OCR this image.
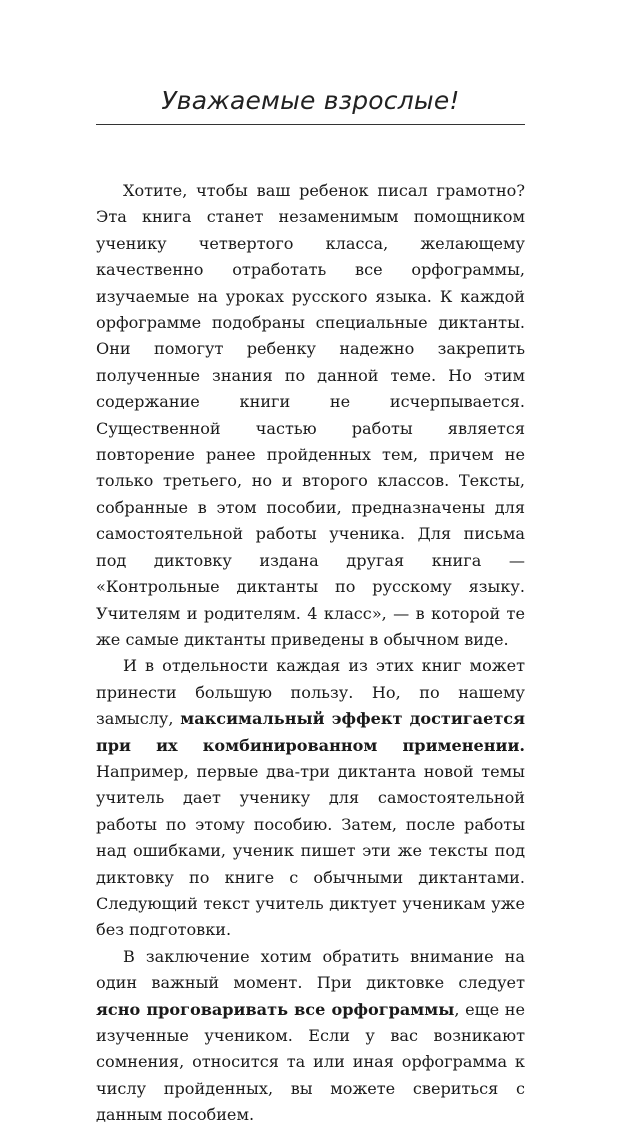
Уважаемые взрослые!

Хотите, чтобы ваш ребенок писал грамотно? Эта книга станет незаменимым помощником ученику четвертого класса, желающему качественно отработать все орфограммы, изучаемые на уроках русского языка. К каждой орфограмме подобраны специальные диктанты. Они помогут ребенку надежно закрепить полученные знания по данной теме. Но этим содержание книги не исчерпывается. Существенной частью работы является повторение ранее пройденных тем, причем не только третьего, но и второго классов. Тексты, собранные в этом пособии, предназначены для самостоятельной работы ученика. Для письма под диктовку издана другая книга — «Контрольные диктанты по русскому языку. Учителям и родителям. 4 класс», — в которой те же самые диктанты приведены в обычном виде.

И в отдельности каждая из этих книг может принести большую пользу. Но, по нашему замыслу, максимальный эффект достигается при их комбинированном применении. Например, первые два-три диктанта новой темы учитель дает ученику для самостоятельной работы по этому пособию. Затем, после работы над ошибками, ученик пишет эти же тексты под диктовку по книге с обычными диктантами. Следующий текст учитель диктует ученикам уже без подготовки.

В заключение хотим обратить внимание на один важный момент. При диктовке следует ясно проговаривать все орфограммы, еще не изученные учеником. Если у вас возникают сомнения, относится та или иная орфограмма к числу пройденных, вы можете свериться с данным пособием.
